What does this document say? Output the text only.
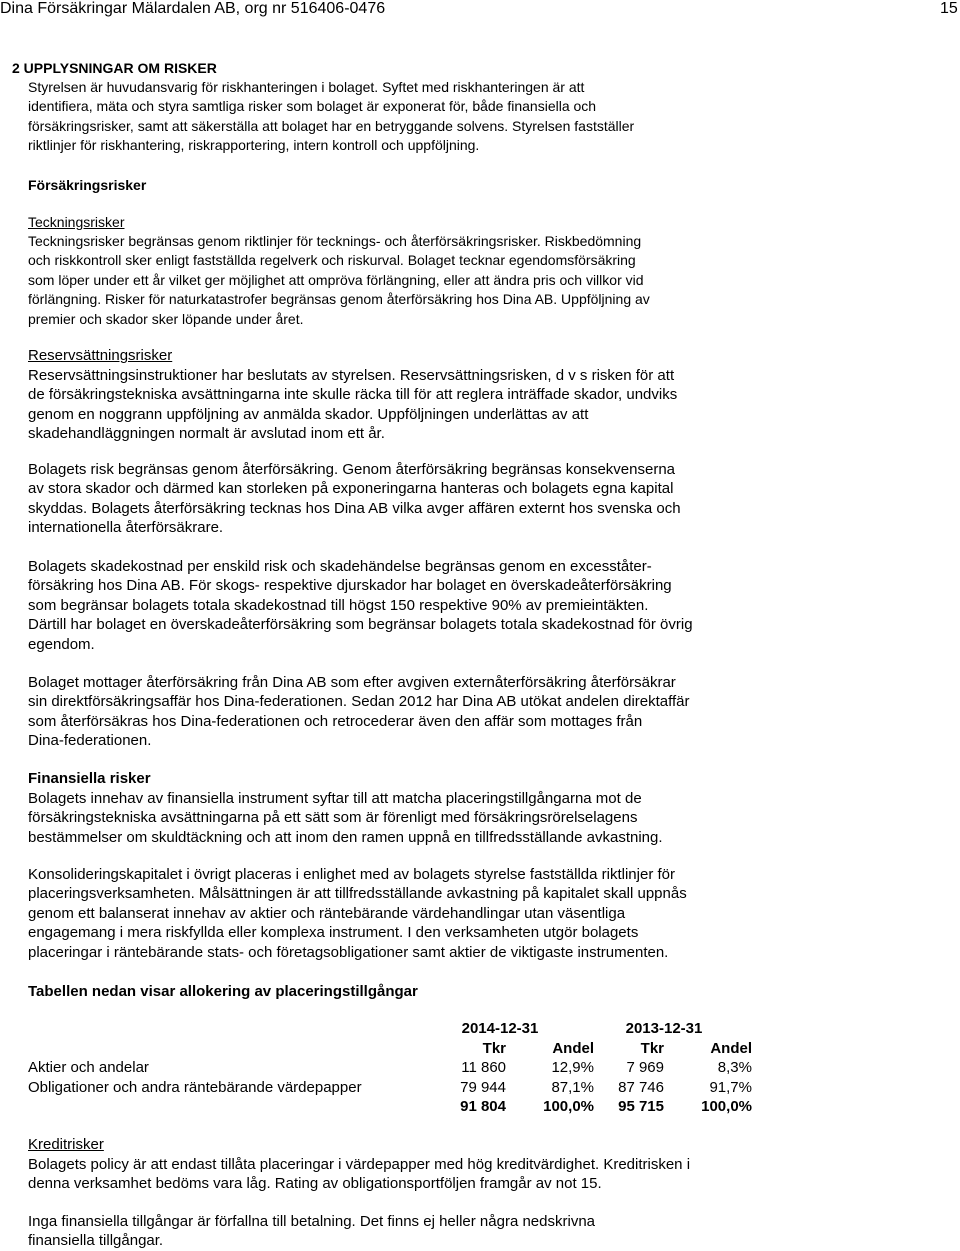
Dina Försäkringar Mälardalen AB, org nr 516406-0476	15
2 UPPLYSNINGAR OM RISKER
Styrelsen är huvudansvarig för riskhanteringen i bolaget. Syftet med riskhanteringen är att
identifiera, mäta och styra samtliga risker som bolaget är exponerat för, både finansiella och
försäkringsrisker, samt att säkerställa att bolaget har en betryggande solvens. Styrelsen fastställer
riktlinjer för riskhantering, riskrapportering, intern kontroll och uppföljning.
Försäkringsrisker
Teckningsrisker
Teckningsrisker begränsas genom riktlinjer för tecknings- och återförsäkringsrisker. Riskbedömning
och riskkontroll sker enligt fastställda regelverk och riskurval. Bolaget tecknar egendomsförsäkring
som löper under ett år vilket ger möjlighet att ompröva förlängning, eller att ändra pris och villkor vid
förlängning. Risker för naturkatastrofer begränsas genom återförsäkring hos Dina AB. Uppföljning av
premier och skador sker löpande under året.
Reservsättningsrisker
Reservsättningsinstruktioner har beslutats av styrelsen. Reservsättningsrisken, d v s risken för att
de försäkringstekniska avsättningarna inte skulle räcka till för att reglera inträffade skador, undviks
genom en noggrann uppföljning av anmälda skador. Uppföljningen underlättas av att
skadehandläggningen normalt är avslutad inom ett år.
Bolagets risk begränsas genom återförsäkring. Genom återförsäkring begränsas konsekvenserna
av stora skador och därmed kan storleken på exponeringarna hanteras och bolagets egna kapital
skyddas. Bolagets återförsäkring tecknas hos Dina AB vilka avger affären externt hos svenska och
internationella återförsäkrare.
Bolagets skadekostnad per enskild risk och skadehändelse begränsas genom en excesståter-
försäkring hos Dina AB. För skogs- respektive djurskador har bolaget en överskadeåterförsäkring
som begränsar bolagets totala skadekostnad till högst 150 respektive 90% av premieintäkten.
Därtill har bolaget en överskadeåterförsäkring som begränsar bolagets totala skadekostnad för övrig
egendom.
Bolaget mottager återförsäkring från Dina AB som efter avgiven externåterförsäkring återförsäkrar
sin direktförsäkringsaffär hos Dina-federationen. Sedan 2012 har Dina AB utökat andelen direktaffär
som återförsäkras hos Dina-federationen och retrocederar även den affär som mottages från
Dina-federationen.
Finansiella risker
Bolagets innehav av finansiella instrument syftar till att matcha placeringstillgångarna mot de
försäkringstekniska avsättningarna på ett sätt som är förenligt med försäkringsrörelselagens
bestämmelser om skuldtäckning och att inom den ramen uppnå en tillfredsställande avkastning.
Konsolideringskapitalet i övrigt placeras i enlighet med av bolagets styrelse fastställda riktlinjer för
placeringsverksamheten. Målsättningen är att tillfredsställande avkastning på kapitalet skall uppnås
genom ett balanserat innehav av aktier och räntebärande värdehandlingar utan väsentliga
engagemang i mera riskfyllda eller komplexa instrument. I den verksamheten utgör bolagets
placeringar i räntebärande stats- och företagsobligationer samt aktier de viktigaste instrumenten.
Tabellen nedan visar allokering av placeringstillgångar
	2014-12-31		2013-12-31	
	Tkr	Andel	Tkr	Andel
Aktier och andelar	11 860	12,9%	7 969	8,3%
Obligationer och andra räntebärande värdepapper	79 944	87,1%	87 746	91,7%
	91 804	100,0%	95 715	100,0%
Kreditrisker
Bolagets policy är att endast tillåta placeringar i värdepapper med hög kreditvärdighet. Kreditrisken i
denna verksamhet bedöms vara låg. Rating av obligationsportföljen framgår av not 15.
Inga finansiella tillgångar är förfallna till betalning. Det finns ej heller några nedskrivna
finansiella tillgångar.
